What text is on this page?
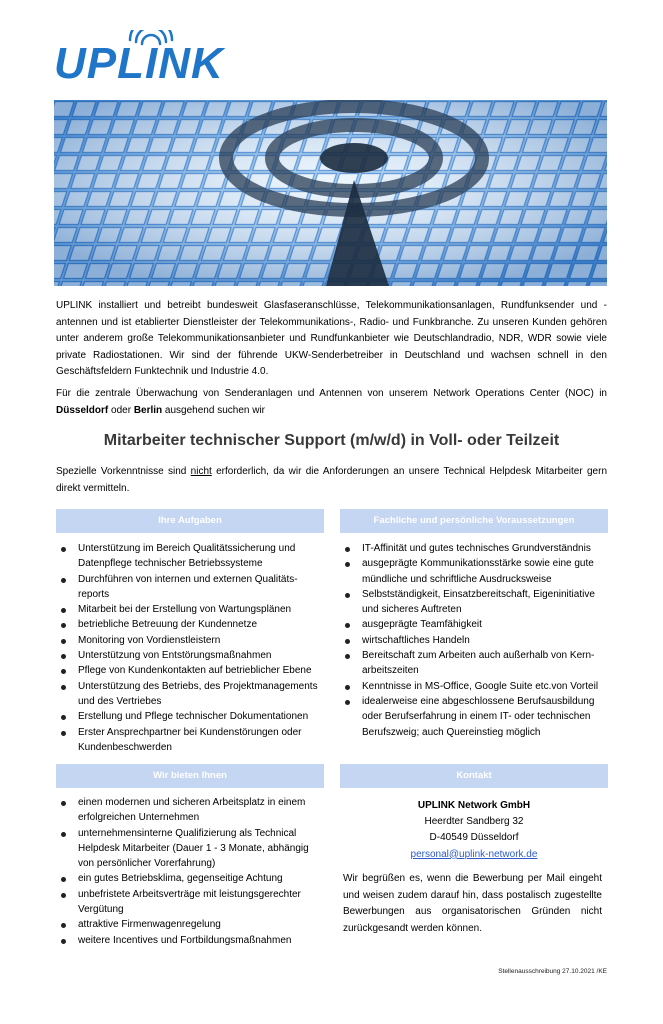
UPLINK

UPLINK installiert und betreibt bundesweit Glasfaseranschlüsse, Telekommunikationsanlagen, Rundfunksender und -antennen und ist etablierter Dienstleister der Telekommunikations-, Radio- und Funkbranche. Zu unseren Kunden gehören unter anderem große Telekommunikationsanbieter und Rundfunkanbieter wie Deutschlandradio, NDR, WDR sowie viele private Radiostationen. Wir sind der führende UKW-Senderbetreiber in Deutschland und wachsen schnell in den Geschäftsfeldern Funktechnik und Industrie 4.0.

Für die zentrale Überwachung von Senderanlagen und Antennen von unserem Network Operations Center (NOC) in Düsseldorf oder Berlin ausgehend suchen wir

Mitarbeiter technischer Support (m/w/d) in Voll- oder Teilzeit

Spezielle Vorkenntnisse sind nicht erforderlich, da wir die Anforderungen an unsere Technical Helpdesk Mitarbeiter gern direkt vermitteln.

Ihre Aufgaben
Unterstützung im Bereich Qualitätssicherung und Datenpflege technischer Betriebssysteme
Durchführen von internen und externen Qualitäts-reports
Mitarbeit bei der Erstellung von Wartungsplänen
betriebliche Betreuung der Kundennetze
Monitoring von Vordienstleistern
Unterstützung von Entstörungsmaßnahmen
Pflege von Kundenkontakten auf betrieblicher Ebene
Unterstützung des Betriebs, des Projektmanagements und des Vertriebes
Erstellung und Pflege technischer Dokumentationen
Erster Ansprechpartner bei Kundenstörungen oder Kundenbeschwerden
Fachliche und persönliche Voraussetzungen
IT-Affinität und gutes technisches Grundverständnis
ausgeprägte Kommunikationsstärke sowie eine gute mündliche und schriftliche Ausdrucksweise
Selbstständigkeit, Einsatzbereitschaft, Eigeninitiative und sicheres Auftreten
ausgeprägte Teamfähigkeit
wirtschaftliches Handeln
Bereitschaft zum Arbeiten auch außerhalb von Kern-arbeitszeiten
Kenntnisse in MS-Office, Google Suite etc.von Vorteil
idealerweise eine abgeschlossene Berufsausbildung oder Berufserfahrung in einem IT- oder technischen Berufszweig; auch Quereinstieg möglich
Wir bieten Ihnen
einen modernen und sicheren Arbeitsplatz in einem erfolgreichen Unternehmen
unternehmensinterne Qualifizierung als Technical Helpdesk Mitarbeiter (Dauer 1 - 3 Monate, abhängig von persönlicher Vorerfahrung)
ein gutes Betriebsklima, gegenseitige Achtung
unbefristete Arbeitsverträge mit leistungsgerechter Vergütung
attraktive Firmenwagenregelung
weitere Incentives und Fortbildungsmaßnahmen
Kontakt
UPLINK Network GmbH
Heerdter Sandberg 32
D-40549 Düsseldorf
personal@uplink-network.de

Wir begrüßen es, wenn die Bewerbung per Mail eingeht und weisen zudem darauf hin, dass postalisch zugestellte Bewerbungen aus organisatorischen Gründen nicht zurückgesandt werden können.

Stellenausschreibung 27.10.2021 /KE
